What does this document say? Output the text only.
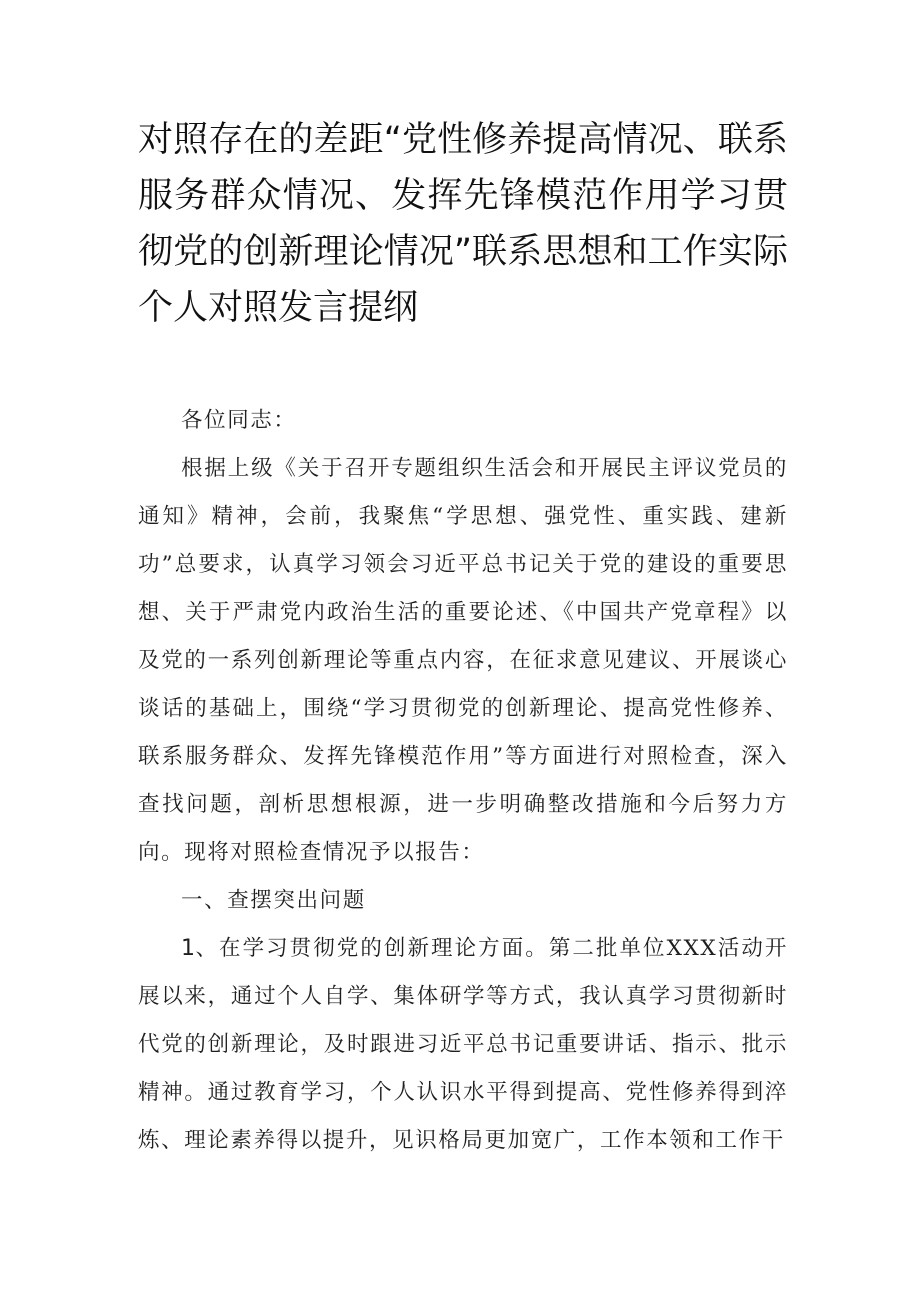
对照存在的差距“党性修养提高情况、联系服务群众情况、发挥先锋模范作用学习贯彻党的创新理论情况”联系思想和工作实际个人对照发言提纲

各位同志：

根据上级《关于召开专题组织生活会和开展民主评议党员的通知》精神，会前，我聚焦“学思想、强党性、重实践、建新功”总要求，认真学习领会习近平总书记关于党的建设的重要思想、关于严肃党内政治生活的重要论述、《中国共产党章程》以及党的一系列创新理论等重点内容，在征求意见建议、开展谈心谈话的基础上，围绕“学习贯彻党的创新理论、提高党性修养、联系服务群众、发挥先锋模范作用”等方面进行对照检查，深入查找问题，剖析思想根源，进一步明确整改措施和今后努力方向。现将对照检查情况予以报告：

一、查摆突出问题

1、在学习贯彻党的创新理论方面。第二批单位XXX活动开展以来，通过个人自学、集体研学等方式，我认真学习贯彻新时代党的创新理论，及时跟进习近平总书记重要讲话、指示、批示精神。通过教育学习，个人认识水平得到提高、党性修养得到淬炼、理论素养得以提升，见识格局更加宽广，工作本领和工作干
